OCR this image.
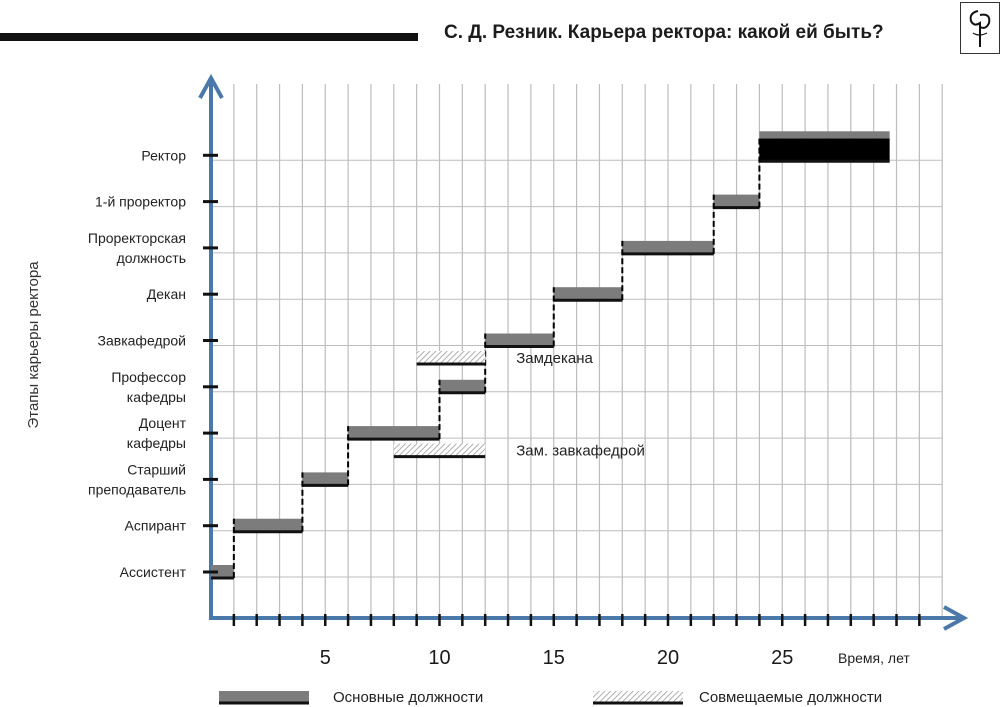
С. Д. Резник. Карьера ректора: какой ей быть?
5	10	15	20	25
Зам. завкафедрой
Замдекана
Ассистент
Аспирант
Старший
преподаватель
Доцент
кафедры
Профессор
кафедры
Завкафедрой
Декан
Проректорская
должность
1-й проректор
Ректор
Этапы карьеры ректора
Время, лет
Основные должности	Совмещаемые должности
